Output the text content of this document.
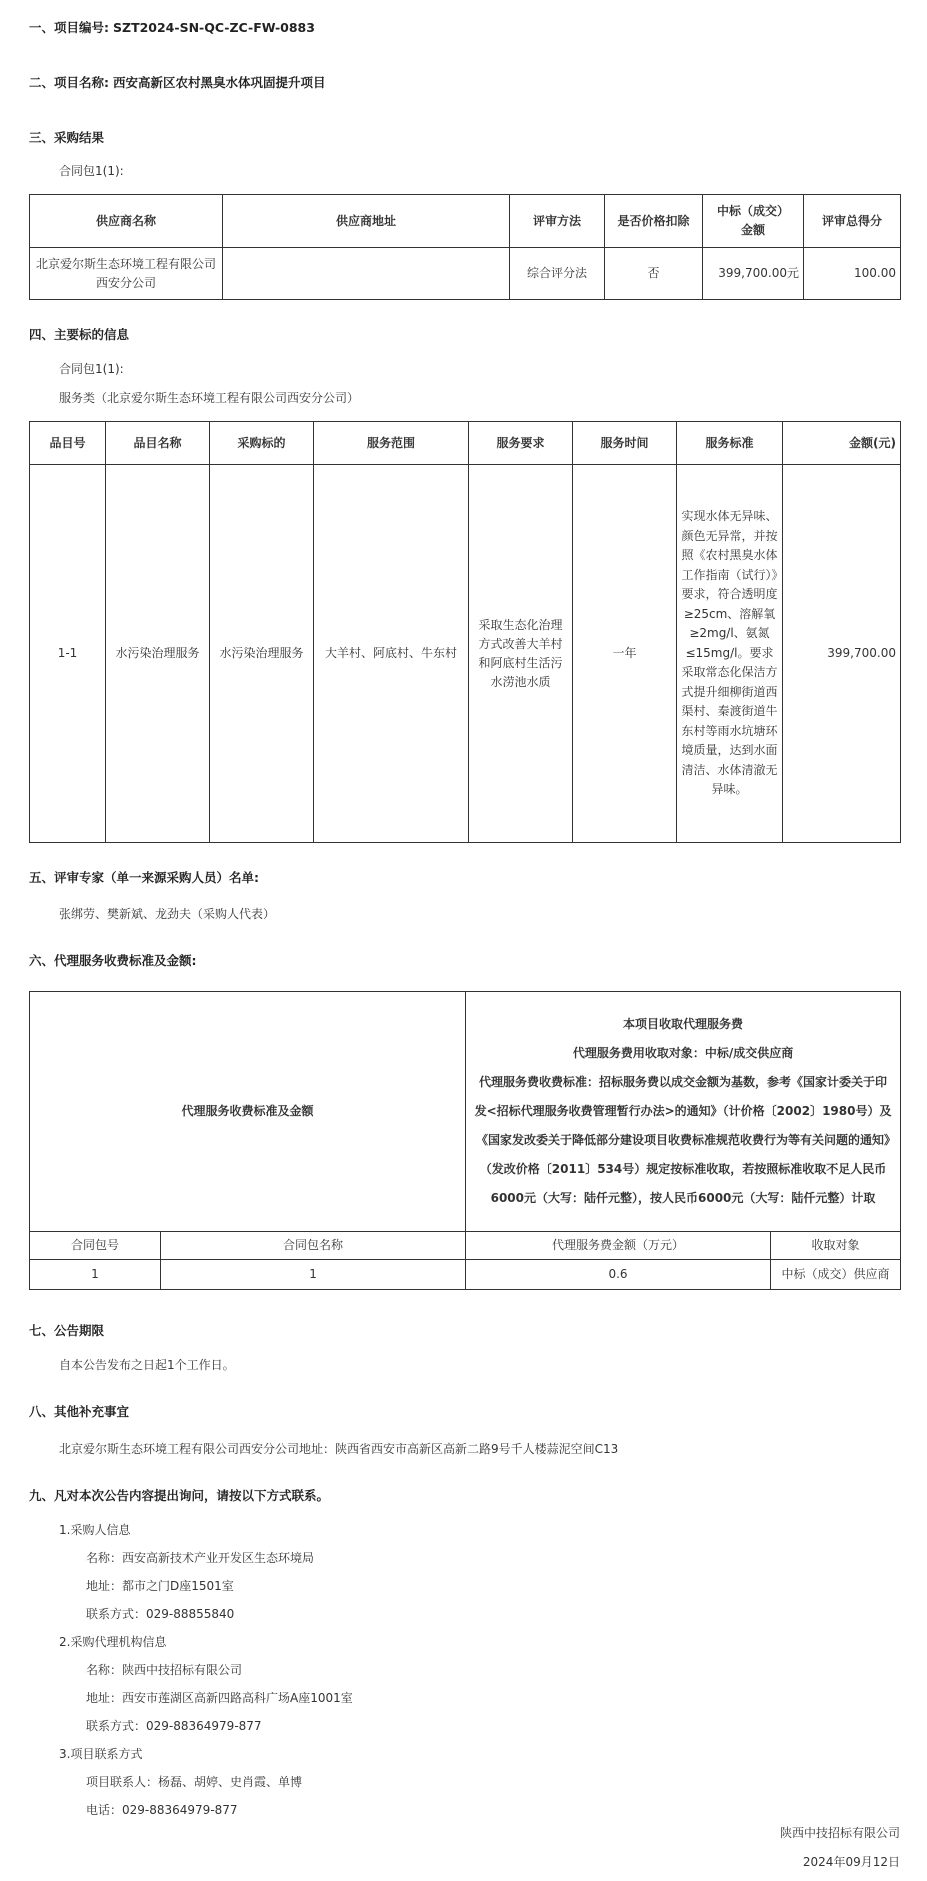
一、项目编号: SZT2024-SN-QC-ZC-FW-0883
二、项目名称: 西安高新区农村黑臭水体巩固提升项目
三、采购结果
合同包1(1):
供应商名称	供应商地址	评审方法	是否价格扣除	中标（成交）金额	评审总得分
北京爱尔斯生态环境工程有限公司西安分公司		综合评分法	否	399,700.00元	100.00
四、主要标的信息
合同包1(1):
服务类（北京爱尔斯生态环境工程有限公司西安分公司）
品目号	品目名称	采购标的	服务范围	服务要求	服务时间	服务标准	金额(元)
1-1	水污染治理服务	水污染治理服务	大羊村、阿底村、牛东村	采取生态化治理方式改善大羊村和阿底村生活污水涝池水质	一年	实现水体无异味、颜色无异常，并按照《农村黑臭水体工作指南（试行）》要求，符合透明度≥25cm、溶解氧≥2mg/l、氨氮≤15mg/l。要求采取常态化保洁方式提升细柳街道西渠村、秦渡街道牛东村等雨水坑塘环境质量，达到水面清洁、水体清澈无异味。	399,700.00
五、评审专家（单一来源采购人员）名单:
张绑劳、樊新斌、龙劲夫（采购人代表）
六、代理服务收费标准及金额:
代理服务收费标准及金额		本项目收取代理服务费
代理服务费用收取对象：中标/成交供应商
代理服务费收费标准：招标服务费以成交金额为基数，参考《国家计委关于印发<招标代理服务收费管理暂行办法>的通知》（计价格〔2002〕1980号）及《国家发改委关于降低部分建设项目收费标准规范收费行为等有关问题的通知》（发改价格〔2011〕534号）规定按标准收取，若按照标准收取不足人民币6000元（大写：陆仟元整），按人民币6000元（大写：陆仟元整）计取	

合同包号	合同包名称	代理服务费金额（万元）	收取对象
1	1	0.6	中标（成交）供应商
七、公告期限
自本公告发布之日起1个工作日。
八、其他补充事宜
北京爱尔斯生态环境工程有限公司西安分公司地址：陕西省西安市高新区高新二路9号千人楼蒜泥空间C13
九、凡对本次公告内容提出询问，请按以下方式联系。
1.采购人信息
名称：西安高新技术产业开发区生态环境局
地址：都市之门D座1501室
联系方式：029-88855840
2.采购代理机构信息
名称：陕西中技招标有限公司
地址：西安市莲湖区高新四路高科广场A座1001室
联系方式：029-88364979-877
3.项目联系方式
项目联系人：杨磊、胡婷、史肖霞、单博
电话：029-88364979-877
陕西中技招标有限公司
2024年09月12日
